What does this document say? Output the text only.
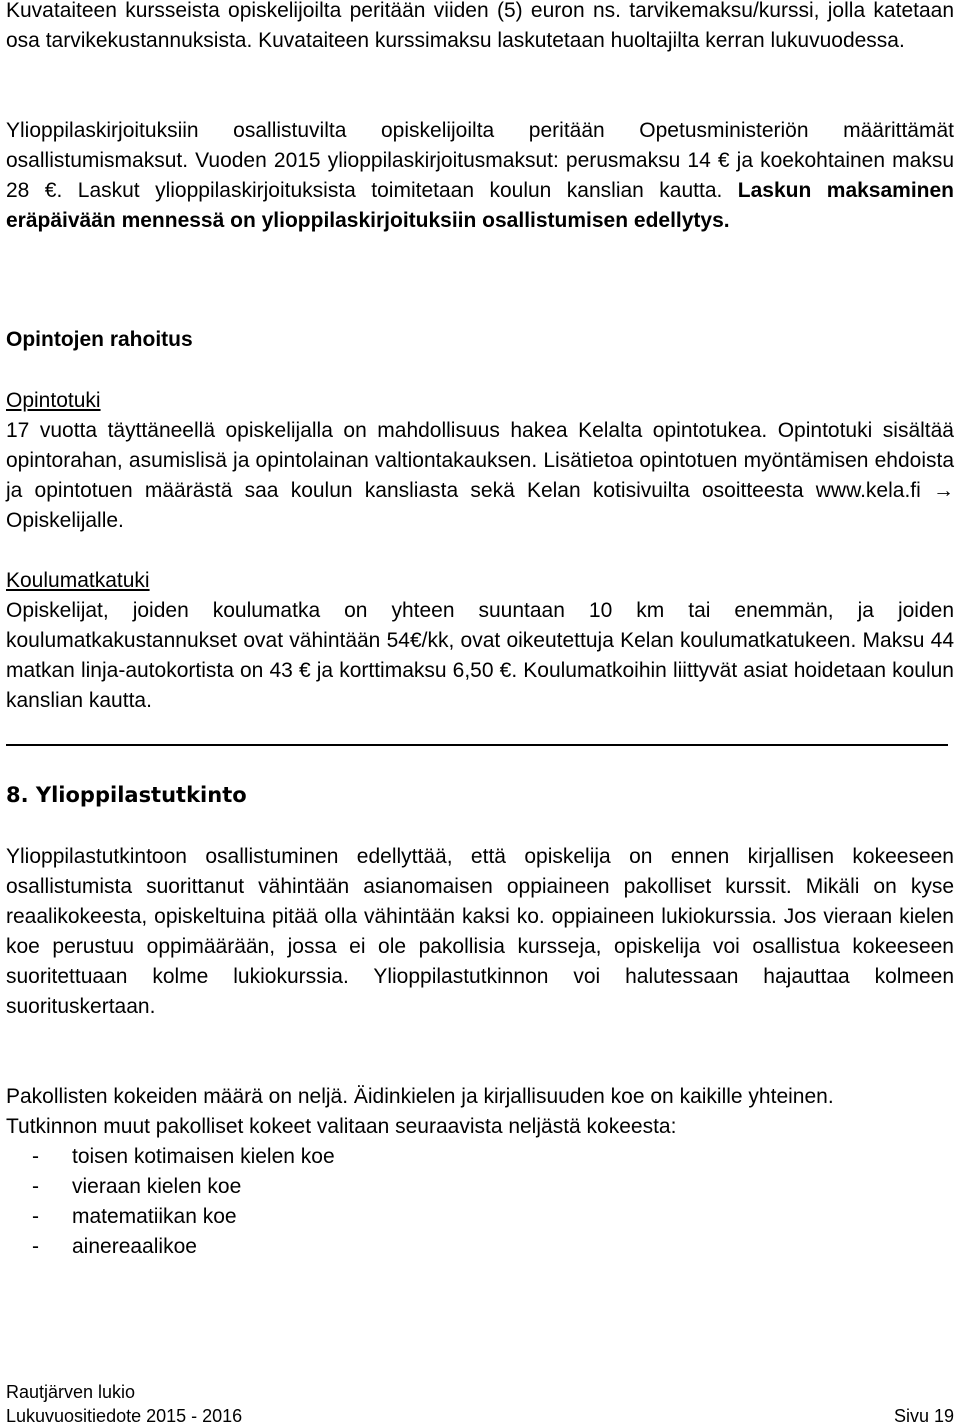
Kuvataiteen kursseista opiskelijoilta peritään viiden (5) euron ns. tarvikemaksu/kurssi, jolla katetaan osa tarvikekustannuksista. Kuvataiteen kurssimaksu laskutetaan huoltajilta kerran lukuvuodessa.

Ylioppilaskirjoituksiin osallistuvilta opiskelijoilta peritään Opetusministeriön määrittämät osallistumismaksut. Vuoden 2015 ylioppilaskirjoitusmaksut: perusmaksu 14 € ja koekohtainen maksu 28 €. Laskut ylioppilaskirjoituksista toimitetaan koulun kanslian kautta. Laskun maksaminen eräpäivään mennessä on ylioppilaskirjoituksiin osallistumisen edellytys.

Opintojen rahoitus

Opintotuki

17 vuotta täyttäneellä opiskelijalla on mahdollisuus hakea Kelalta opintotukea. Opintotuki sisältää opintorahan, asumislisä ja opintolainan valtiontakauksen. Lisätietoa opintotuen myöntämisen ehdoista ja opintotuen määrästä saa koulun kansliasta sekä Kelan kotisivuilta osoitteesta www.kela.fi → Opiskelijalle.

Koulumatkatuki

Opiskelijat, joiden koulumatka on yhteen suuntaan 10 km tai enemmän, ja joiden koulumatkakustannukset ovat vähintään 54€/kk, ovat oikeutettuja Kelan koulumatkatukeen. Maksu 44 matkan linja-autokortista on 43 € ja korttimaksu 6,50 €. Koulumatkoihin liittyvät asiat hoidetaan koulun kanslian kautta.

8. Ylioppilastutkinto

Ylioppilastutkintoon osallistuminen edellyttää, että opiskelija on ennen kirjallisen kokeeseen osallistumista suorittanut vähintään asianomaisen oppiaineen pakolliset kurssit. Mikäli on kyse reaalikokeesta, opiskeltuina pitää olla vähintään kaksi ko. oppiaineen lukiokurssia. Jos vieraan kielen koe perustuu oppimäärään, jossa ei ole pakollisia kursseja, opiskelija voi osallistua kokeeseen suoritettuaan kolme lukiokurssia. Ylioppilastutkinnon voi halutessaan hajauttaa kolmeen suorituskertaan.

Pakollisten kokeiden määrä on neljä. Äidinkielen ja kirjallisuuden koe on kaikille yhteinen.

Tutkinnon muut pakolliset kokeet valitaan seuraavista neljästä kokeesta:

-	toisen kotimaisen kielen koe
-	vieraan kielen koe
-	matematiikan koe
-	ainereaalikoe
Rautjärven lukio
Lukuvuositiedote 2015 - 2016	Sivu 19
